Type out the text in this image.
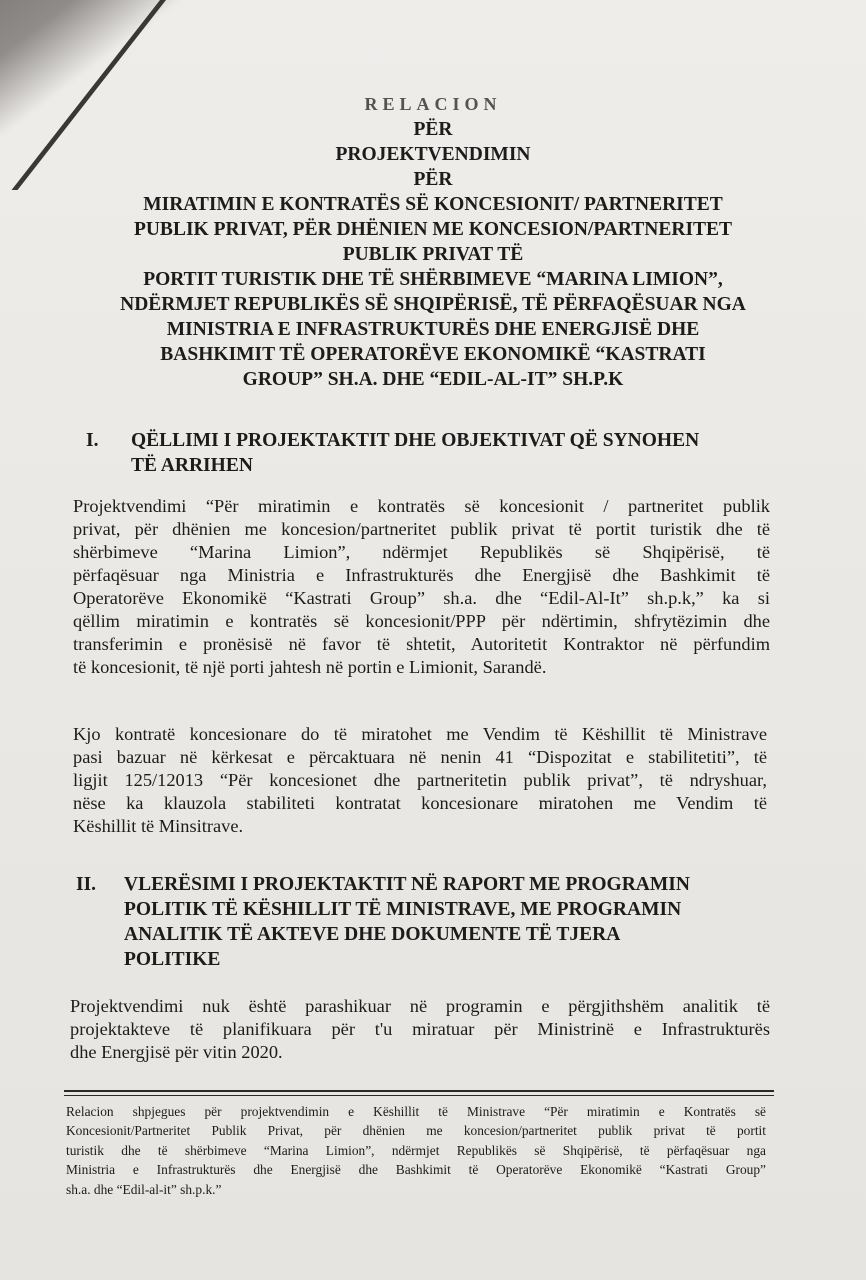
RELACION
PËR
PROJEKTVENDIMIN
PËR
MIRATIMIN E KONTRATËS SË KONCESIONIT/ PARTNERITET
PUBLIK PRIVAT, PËR DHËNIEN ME KONCESION/PARTNERITET
PUBLIK PRIVAT TË
PORTIT TURISTIK DHE TË SHËRBIMEVE “MARINA LIMION”,
NDËRMJET REPUBLIKËS SË SHQIPËRISË, TË PËRFAQËSUAR NGA
MINISTRIA E INFRASTRUKTURËS DHE ENERGJISË DHE
BASHKIMIT TË OPERATORËVE EKONOMIKË “KASTRATI
GROUP” SH.A. DHE “EDIL-AL-IT” SH.P.K
I. QËLLIMI I PROJEKTAKTIT DHE OBJEKTIVAT QË SYNOHEN
TË ARRIHEN
Projektvendimi “Për miratimin e kontratës së koncesionit / partneritet publik
privat, për dhënien me koncesion/partneritet publik privat të portit turistik dhe të
shërbimeve “Marina Limion”, ndërmjet Republikës së Shqipërisë, të
përfaqësuar nga Ministria e Infrastrukturës dhe Energjisë dhe Bashkimit të
Operatorëve Ekonomikë “Kastrati Group” sh.a. dhe “Edil-Al-It” sh.p.k,” ka si
qëllim miratimin e kontratës së koncesionit/PPP për ndërtimin, shfrytëzimin dhe
transferimin e pronësisë në favor të shtetit, Autoritetit Kontraktor në përfundim
të koncesionit, të një porti jahtesh në portin e Limionit, Sarandë.
Kjo kontratë koncesionare do të miratohet me Vendim të Këshillit të Ministrave
pasi bazuar në kërkesat e përcaktuara në nenin 41 “Dispozitat e stabilitetiti”, të
ligjit 125/12013 “Për koncesionet dhe partneritetin publik privat”, të ndryshuar,
nëse ka klauzola stabiliteti kontratat koncesionare miratohen me Vendim të
Këshillit të Minsitrave.
II. VLERËSIMI I PROJEKTAKTIT NË RAPORT ME PROGRAMIN
POLITIK TË KËSHILLIT TË MINISTRAVE, ME PROGRAMIN
ANALITIK TË AKTEVE DHE DOKUMENTE TË TJERA
POLITIKE
Projektvendimi nuk është parashikuar në programin e përgjithshëm analitik të
projektakteve të planifikuara për t'u miratuar për Ministrinë e Infrastrukturës
dhe Energjisë për vitin 2020.
Relacion shpjegues për projektvendimin e Këshillit të Ministrave “Për miratimin e Kontratës së
Koncesionit/Partneritet Publik Privat, për dhënien me koncesion/partneritet publik privat të portit
turistik dhe të shërbimeve “Marina Limion”, ndërmjet Republikës së Shqipërisë, të përfaqësuar nga
Ministria e Infrastrukturës dhe Energjisë dhe Bashkimit të Operatorëve Ekonomikë “Kastrati Group”
sh.a. dhe “Edil-al-it” sh.p.k.”
